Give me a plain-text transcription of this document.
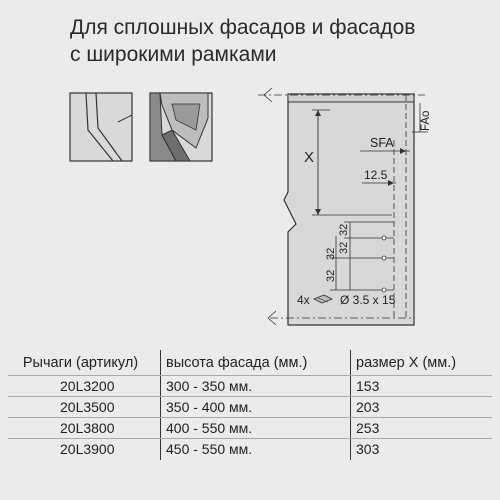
Для сплошных фасадов и фасадов
с широкими рамками
X
SFA
FAo
12.5
32
32
32
32
4x	Ø 3.5 x 15
Рычаги (артикул)	высота фасада (мм.)	размер X (мм.)
20L3200	300 - 350 мм.	153
20L3500	350 - 400 мм.	203
20L3800	400 - 550 мм.	253
20L3900	450 - 550 мм.	303
